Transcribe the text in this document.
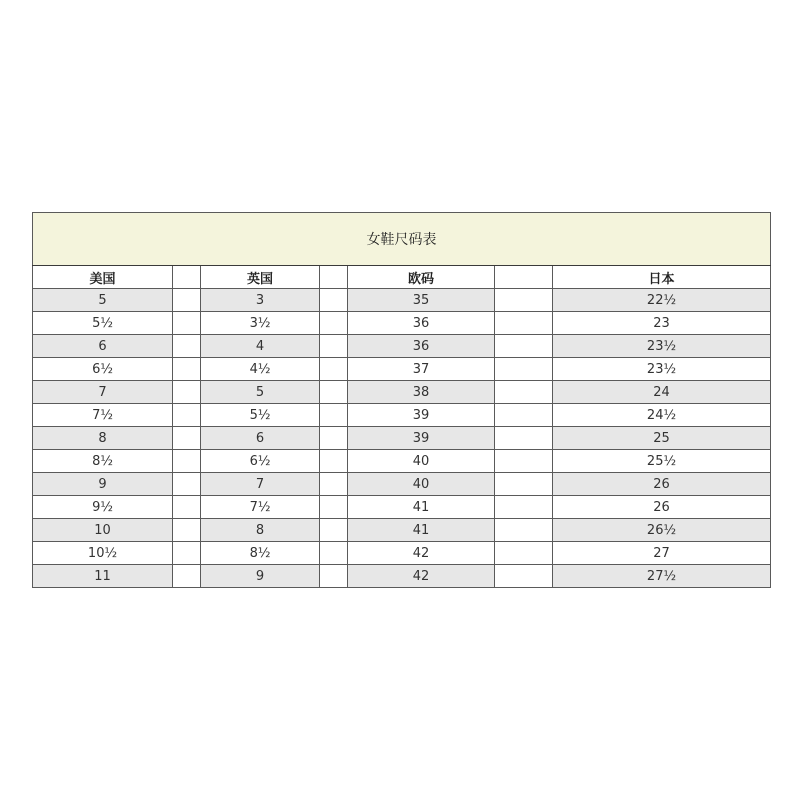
女鞋尺码表						
美国		英国		欧码		日本
5		3		35		22½
5½		3½		36		23
6		4		36		23½
6½		4½		37		23½
7		5		38		24
7½		5½		39		24½
8		6		39		25
8½		6½		40		25½
9		7		40		26
9½		7½		41		26
10		8		41		26½
10½		8½		42		27
11		9		42		27½
